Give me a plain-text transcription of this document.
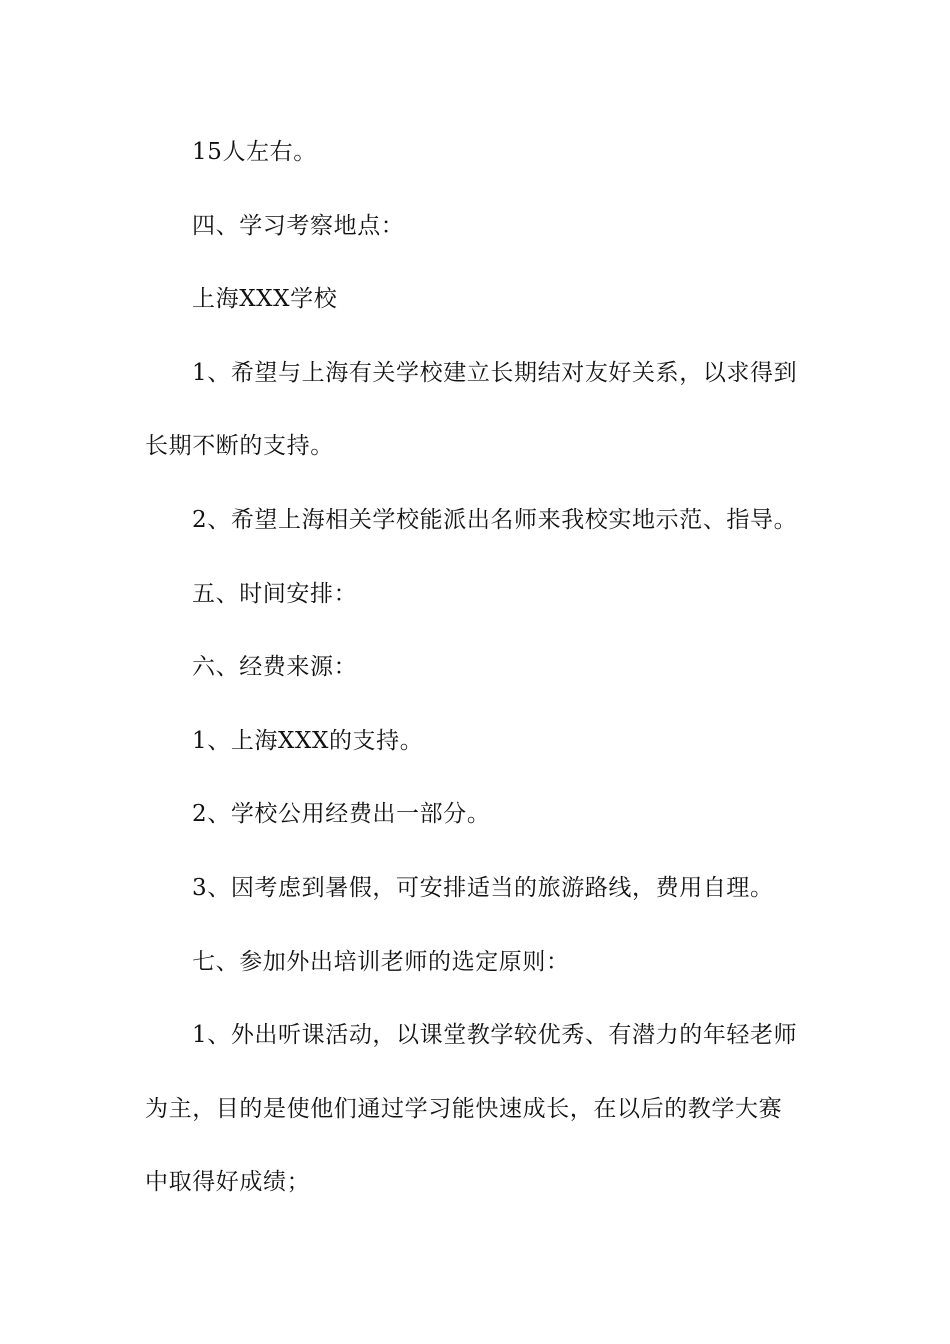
15人左右。
四、学习考察地点：
上海XXX学校
1、希望与上海有关学校建立长期结对友好关系，以求得到
长期不断的支持。
2、希望上海相关学校能派出名师来我校实地示范、指导。
五、时间安排：
六、经费来源：
1、上海XXX的支持。
2、学校公用经费出一部分。
3、因考虑到暑假，可安排适当的旅游路线，费用自理。
七、参加外出培训老师的选定原则：
1、外出听课活动，以课堂教学较优秀、有潜力的年轻老师
为主，目的是使他们通过学习能快速成长，在以后的教学大赛
中取得好成绩；
